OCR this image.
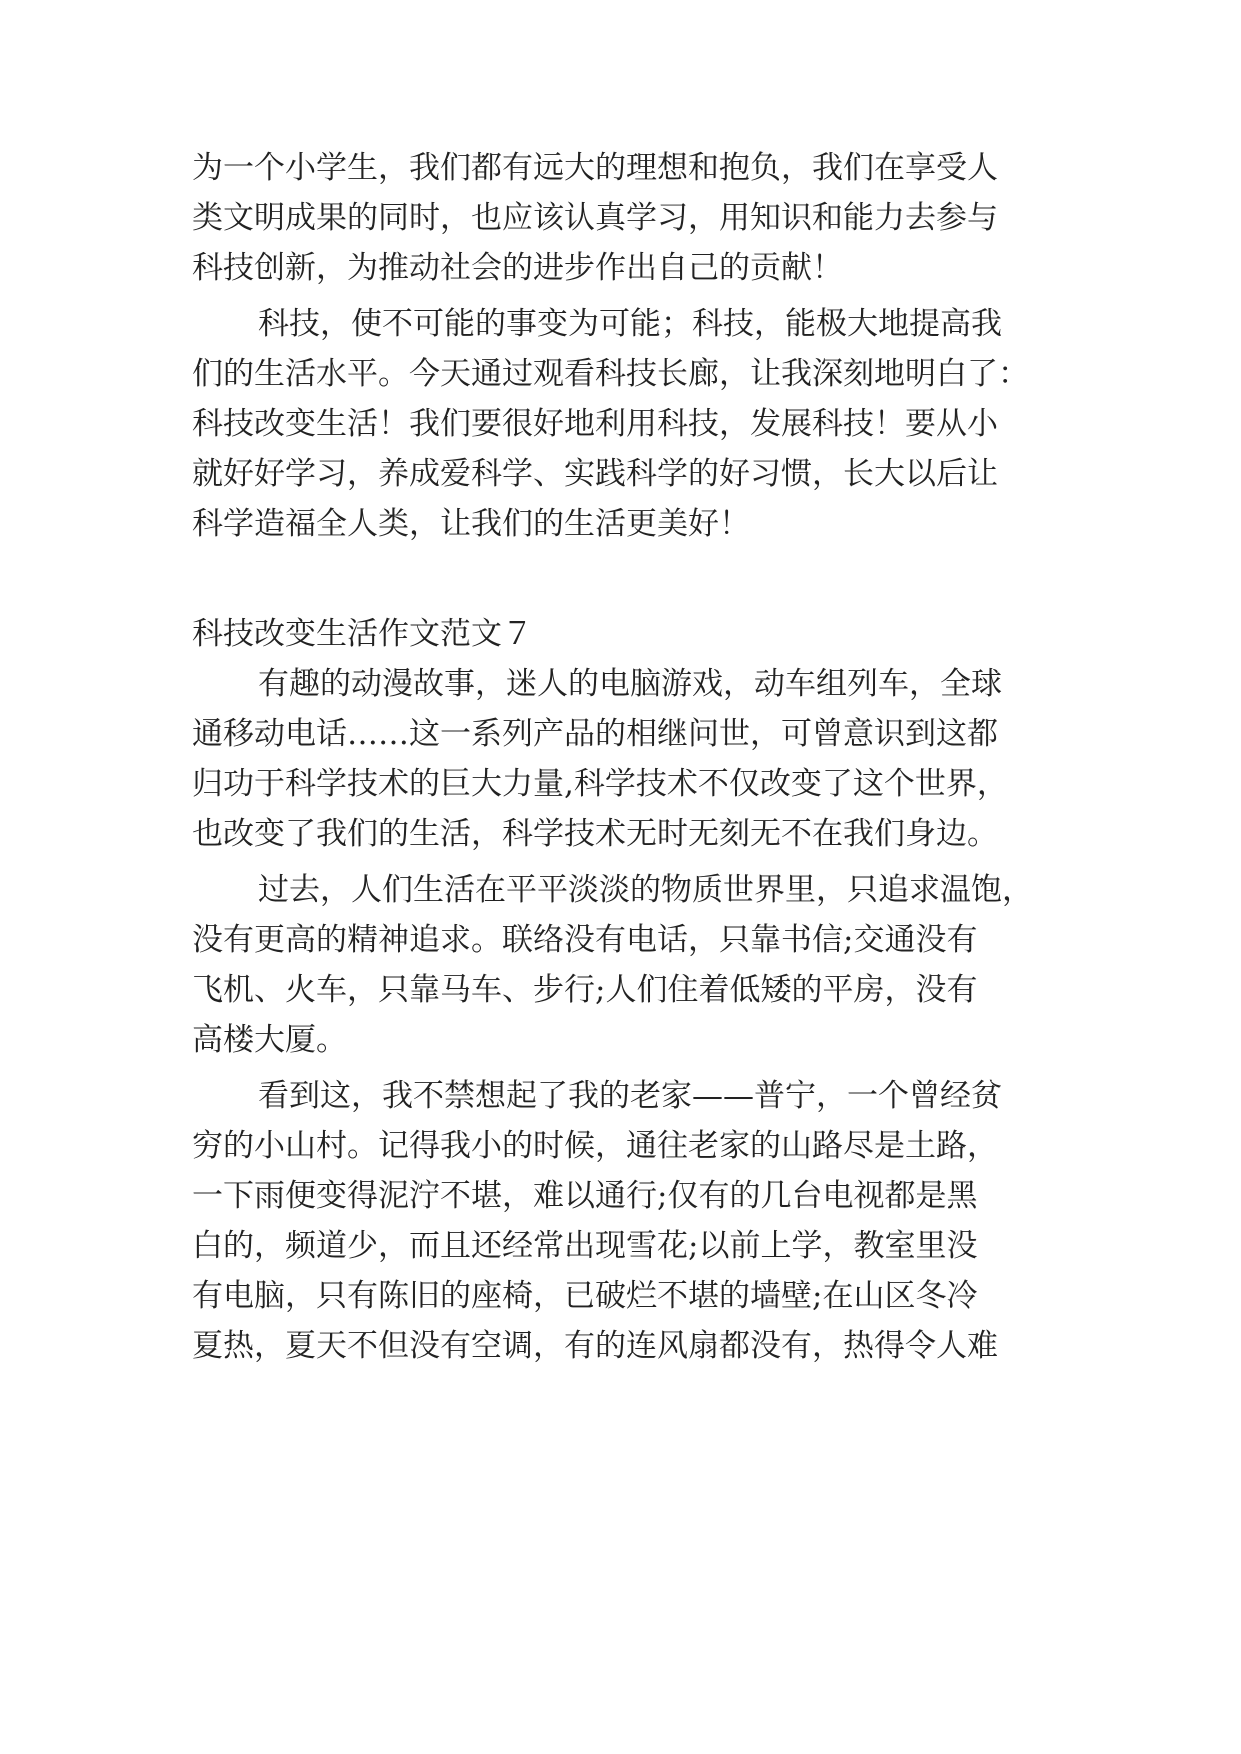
为一个小学生，我们都有远大的理想和抱负，我们在享受人
类文明成果的同时，也应该认真学习，用知识和能力去参与
科技创新，为推动社会的进步作出自己的贡献！
科技，使不可能的事变为可能；科技，能极大地提高我
们的生活水平。今天通过观看科技长廊，让我深刻地明白了：
科技改变生活！我们要很好地利用科技，发展科技！要从小
就好好学习，养成爱科学、实践科学的好习惯，长大以后让
科学造福全人类，让我们的生活更美好！
科技改变生活作文范文７
有趣的动漫故事，迷人的电脑游戏，动车组列车，全球
通移动电话……这一系列产品的相继问世，可曾意识到这都
归功于科学技术的巨大力量,科学技术不仅改变了这个世界，
也改变了我们的生活，科学技术无时无刻无不在我们身边。
过去，人们生活在平平淡淡的物质世界里，只追求温饱，
没有更高的精神追求。联络没有电话，只靠书信;交通没有
飞机、火车，只靠马车、步行;人们住着低矮的平房，没有
高楼大厦。
看到这，我不禁想起了我的老家——普宁，一个曾经贫
穷的小山村。记得我小的时候，通往老家的山路尽是土路，
一下雨便变得泥泞不堪，难以通行;仅有的几台电视都是黑
白的，频道少，而且还经常出现雪花;以前上学，教室里没
有电脑，只有陈旧的座椅，已破烂不堪的墙壁;在山区冬冷
夏热，夏天不但没有空调，有的连风扇都没有，热得令人难
